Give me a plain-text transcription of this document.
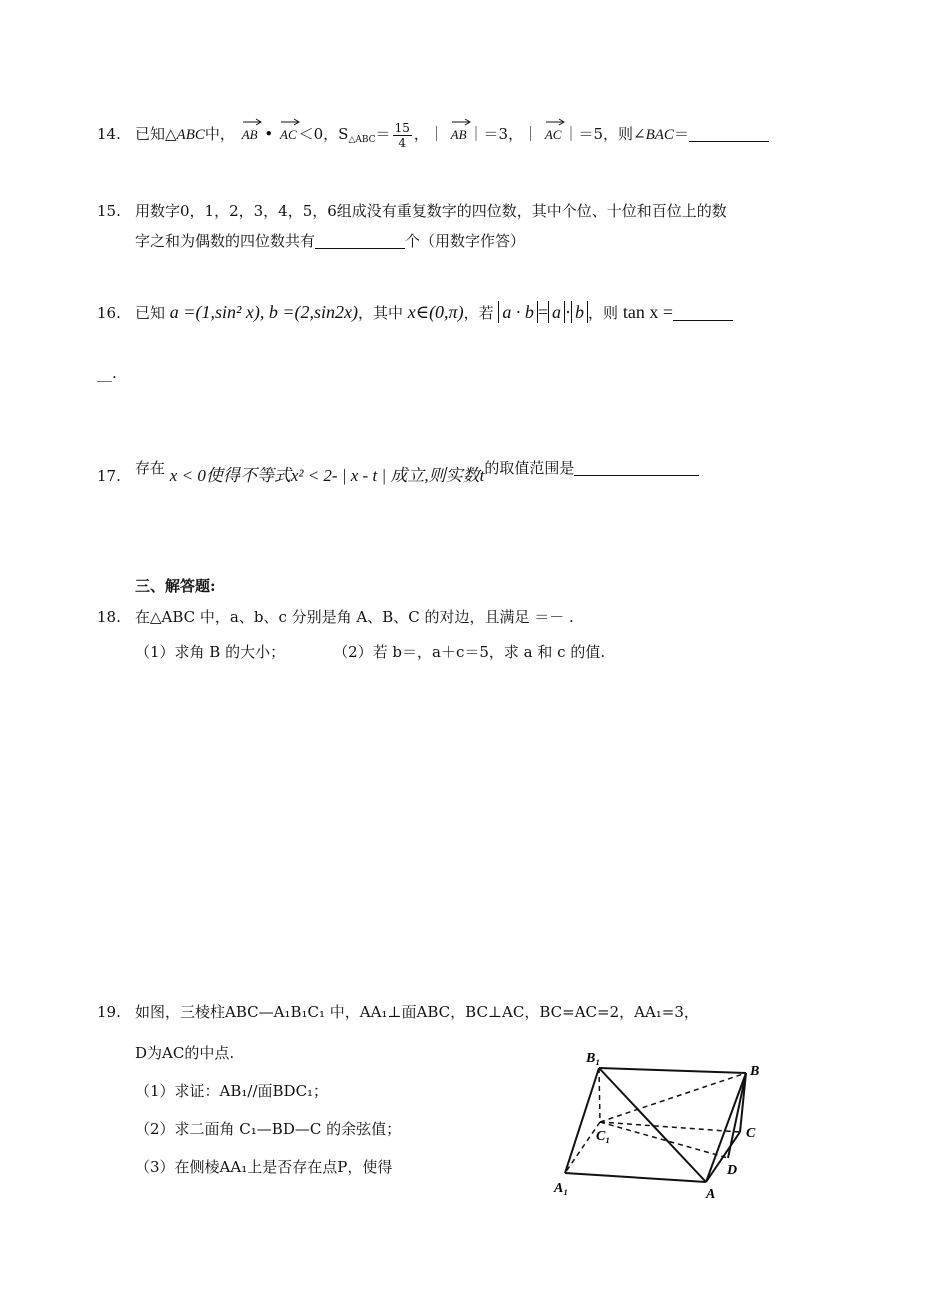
14. 已知△ABC中， AB • AC ＜0，$S_{\triangle ABC}= \frac{15}{4}$ ，｜ AB ｜＝3，｜ AC ｜＝5，则∠BAC＝
15. 用数字0，1，2，3，4，5，6组成没有重复数字的四位数，其中个位、十位和百位上的数
字之和为偶数的四位数共有	个（用数字作答）
16. 已知 a =(1,sin² x), b =(2,sin2x)，其中 x∈(0,π)，若 a · b = a · b ，则 tan x =
__.
17. 存在 x < 0使得不等式x² < 2- | x - t | 成立,则实数t的取值范围是
三、解答题:
18. 在△ABC 中，a、b、c 分别是角 A、B、C 的对边，且满足 ＝－ .
（1）求角 B 的大小；	（2）若 b＝，a＋c＝5，求 a 和 c 的值.
19. 如图，三棱柱ABC—A₁B₁C₁ 中，AA₁⊥面ABC，BC⊥AC，BC=AC=2，AA₁=3，
D为AC的中点.
（1）求证：AB₁//面BDC₁；
（2）求二面角 C₁—BD—C 的余弦值；
（3）在侧棱AA₁上是否存在点P，使得
B₁
B
C₁	C
D
A₁	A
